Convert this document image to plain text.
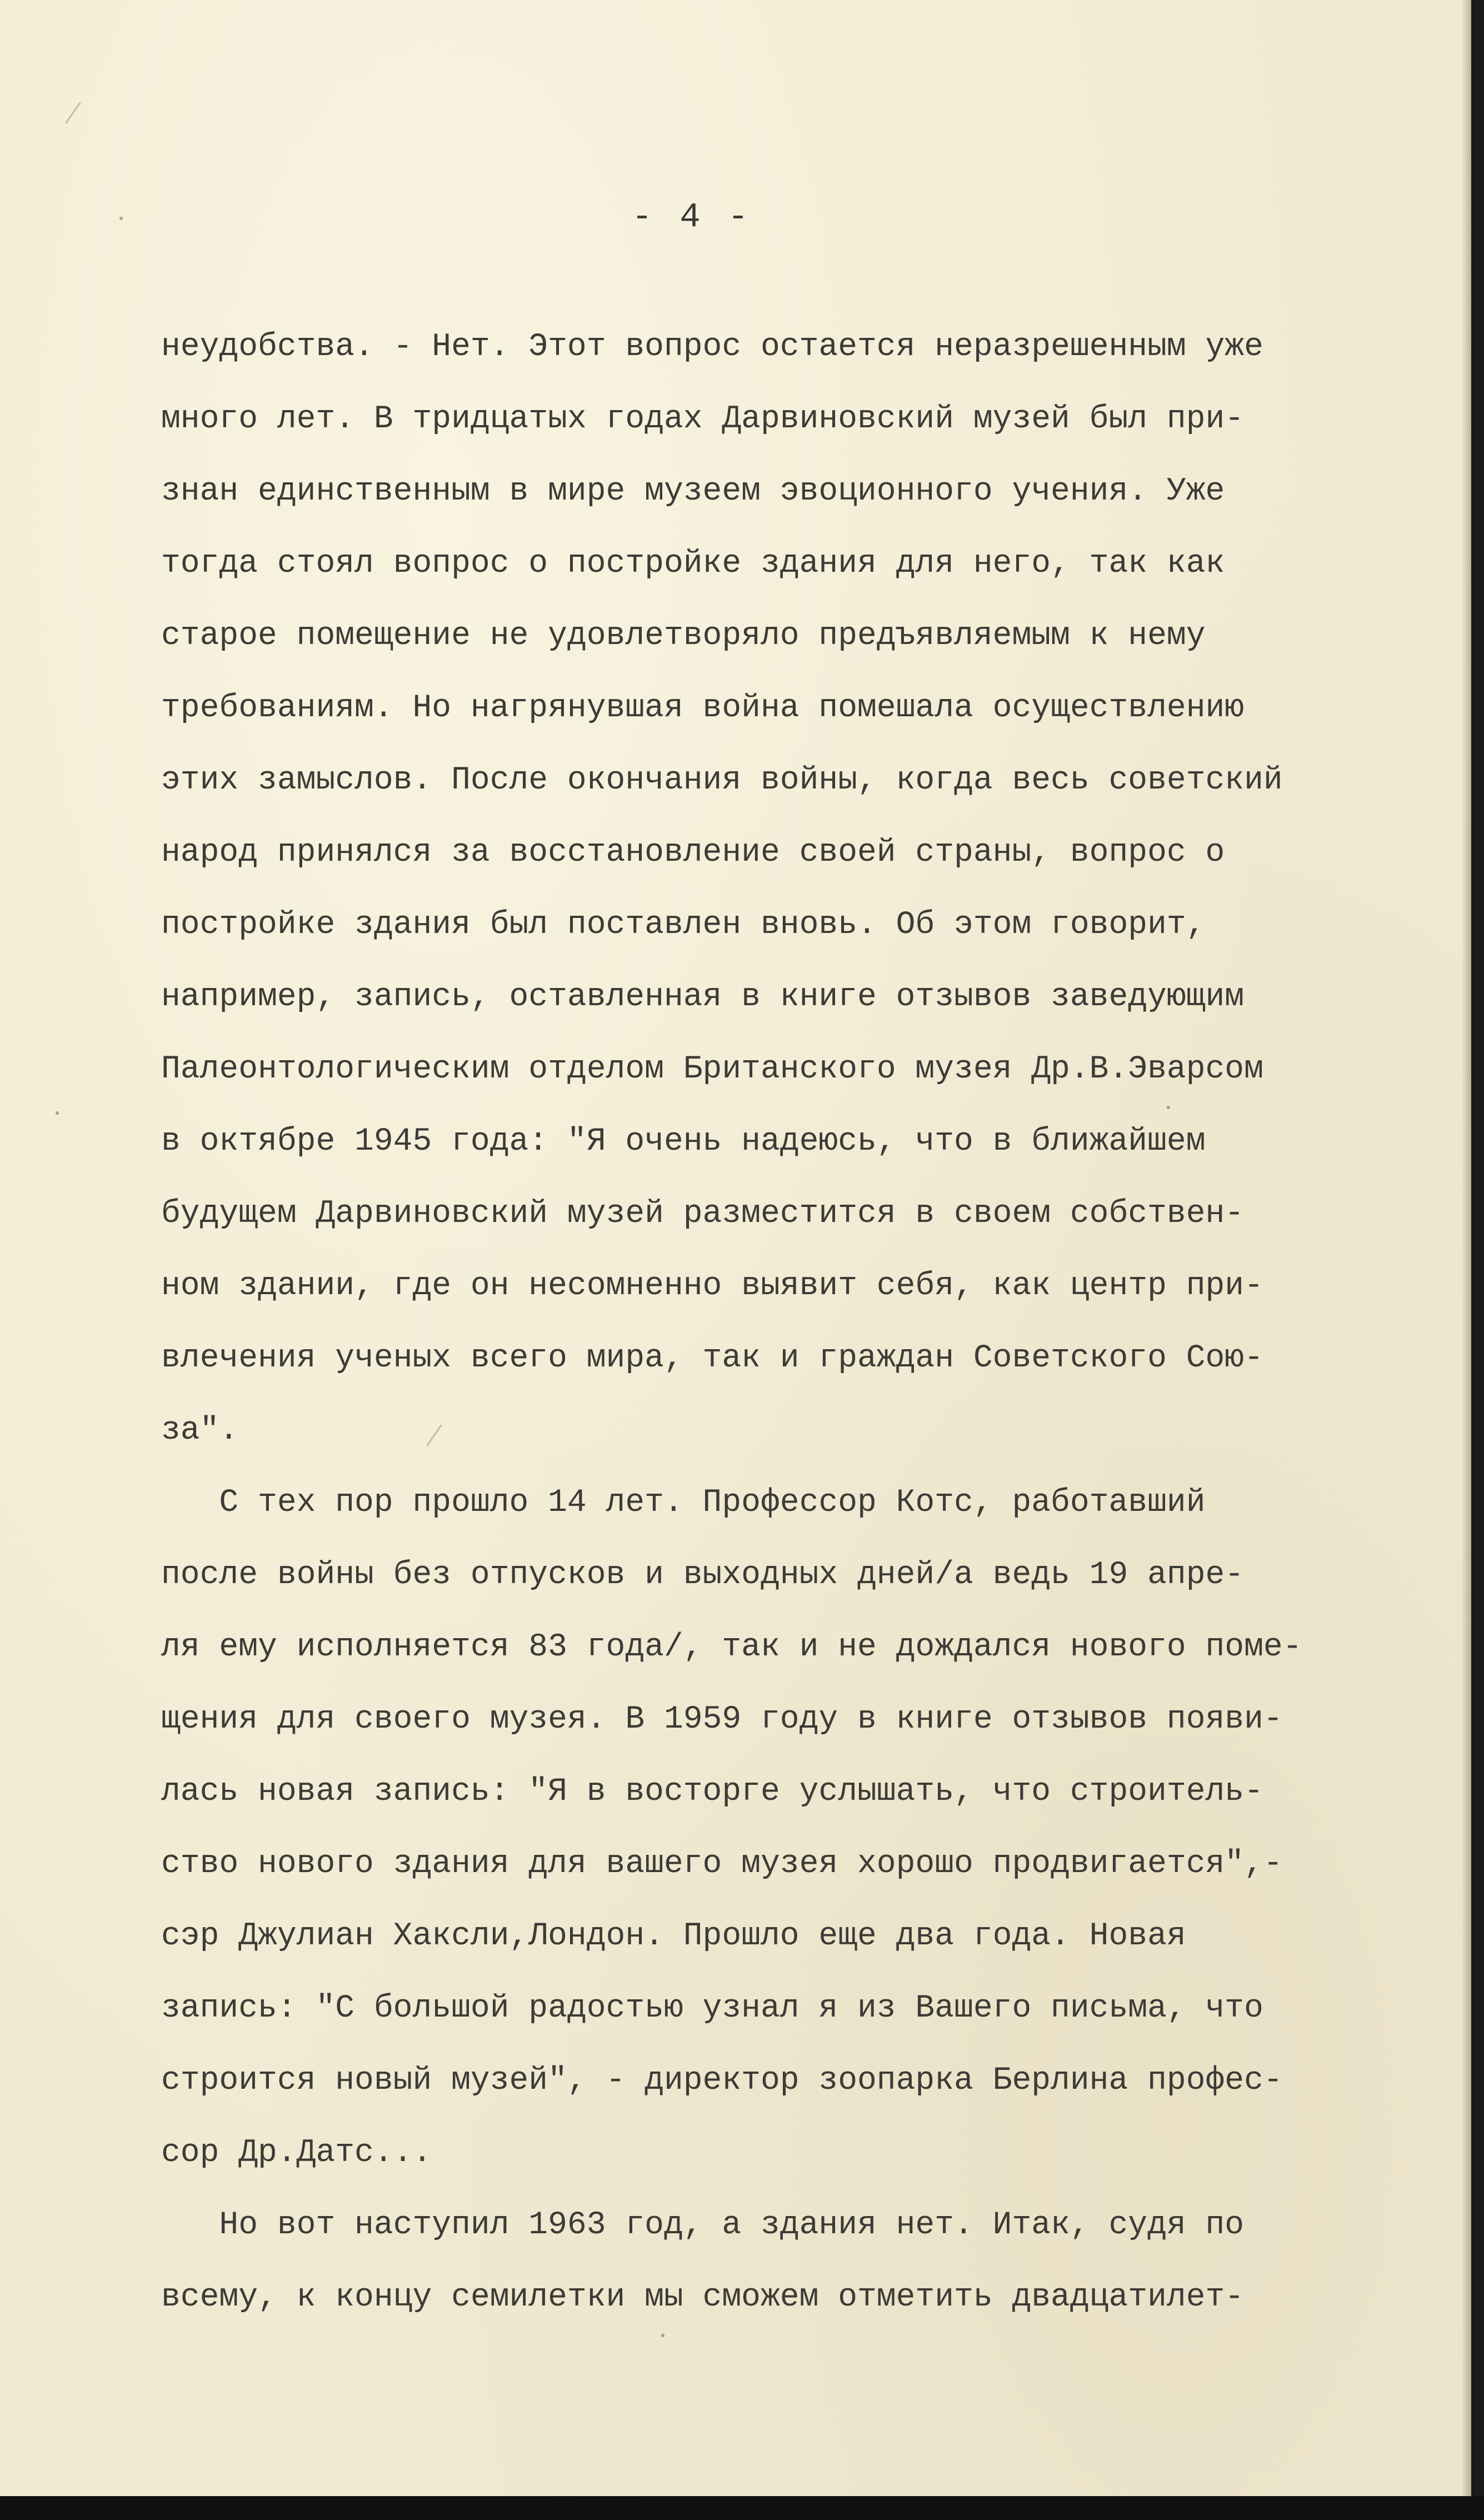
- 4 -
неудобства. - Нет. Этот вопрос остается неразрешенным уже
много лет. В тридцатых годах Дарвиновский музей был при-
знан единственным в мире музеем эвоционного учения. Уже
тогда стоял вопрос о постройке здания для него, так как
старое помещение не удовлетворяло предъявляемым к нему
требованиям. Но нагрянувшая война помешала осуществлению
этих замыслов. После окончания войны, когда весь советский
народ принялся за восстановление своей страны, вопрос о
постройке здания был поставлен вновь. Об этом говорит,
например, запись, оставленная в книге отзывов заведующим
Палеонтологическим отделом Британского музея Др.В.Эварсом
в октябре 1945 года: "Я очень надеюсь, что в ближайшем
будущем Дарвиновский музей разместится в своем собствен-
ном здании, где он несомненно выявит себя, как центр при-
влечения ученых всего мира, так и граждан Советского Сою-
за".
С тех пор прошло 14 лет. Профессор Котс, работавший
после войны без отпусков и выходных дней/а ведь 19 апре-
ля ему исполняется 83 года/, так и не дождался нового поме-
щения для своего музея. В 1959 году в книге отзывов появи-
лась новая запись: "Я в восторге услышать, что строитель-
ство нового здания для вашего музея хорошо продвигается",-
сэр Джулиан Хаксли,Лондон. Прошло еще два года. Новая
запись: "С большой радостью узнал я из Вашего письма, что
строится новый музей", - директор зоопарка Берлина профес-
сор Др.Датс...
Но вот наступил 1963 год, а здания нет. Итак, судя по
всему, к концу семилетки мы сможем отметить двадцатилет-
